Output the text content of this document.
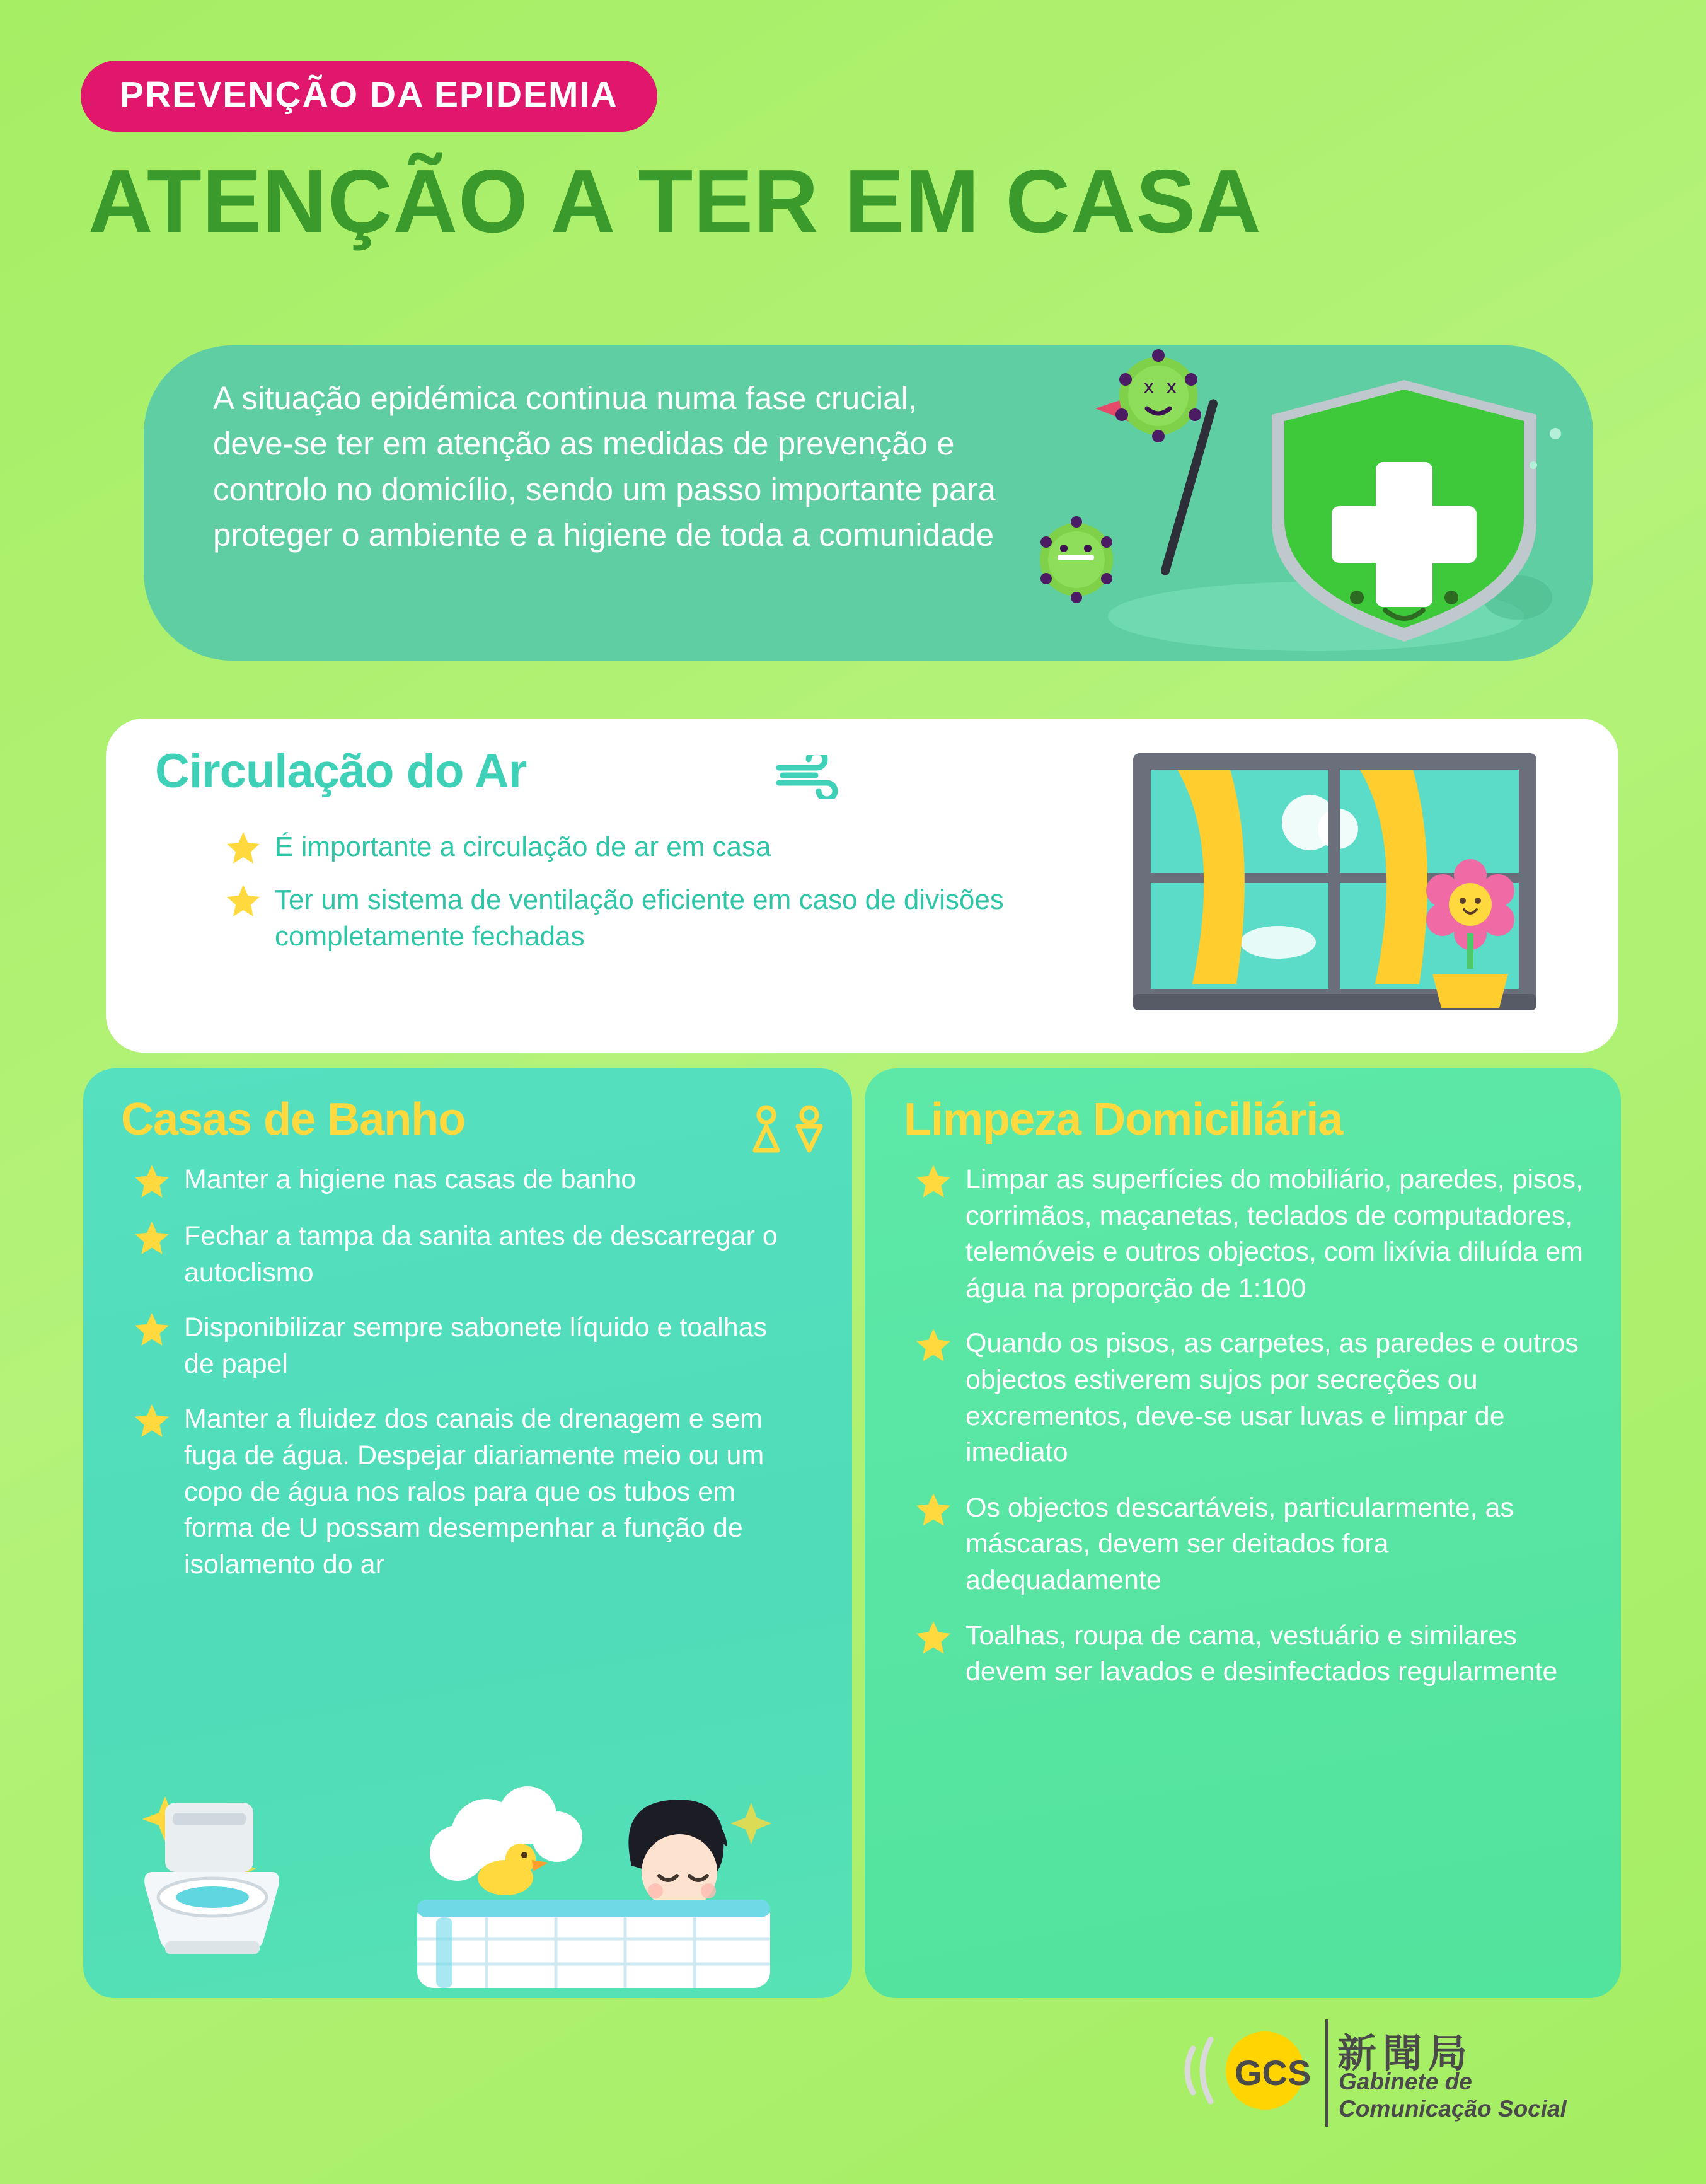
PREVENÇÃO DA EPIDEMIA
ATENÇÃO A TER EM CASA
A situação epidémica continua numa fase crucial, deve-se ter em atenção as medidas de prevenção e controlo no domicílio, sendo um passo importante para proteger o ambiente e a higiene de toda a comunidade
x x
Circulação do Ar
É importante a circulação de ar em casa
Ter um sistema de ventilação eficiente em caso de divisões completamente fechadas
Casas de Banho
Manter a higiene nas casas de banho
Fechar a tampa da sanita antes de descarregar o autoclismo
Disponibilizar sempre sabonete líquido e toalhas de papel
Manter a fluidez dos canais de drenagem e sem fuga de água. Despejar diariamente meio ou um copo de água nos ralos para que os tubos em forma de U possam desempenhar a função de isolamento do ar
Limpeza Domiciliária
Limpar as superfícies do mobiliário, paredes, pisos, corrimãos, maçanetas, teclados de computadores, telemóveis e outros objectos, com lixívia diluída em água na proporção de 1:100
Quando os pisos, as carpetes, as paredes e outros objectos estiverem sujos por secreções ou excrementos, deve-se usar luvas e limpar de imediato
Os objectos descartáveis, particularmente, as máscaras, devem ser deitados fora adequadamente
Toalhas, roupa de cama, vestuário e similares devem ser lavados e desinfectados regularmente
GCS 新聞局
Gabinete de
Comunicação Social
